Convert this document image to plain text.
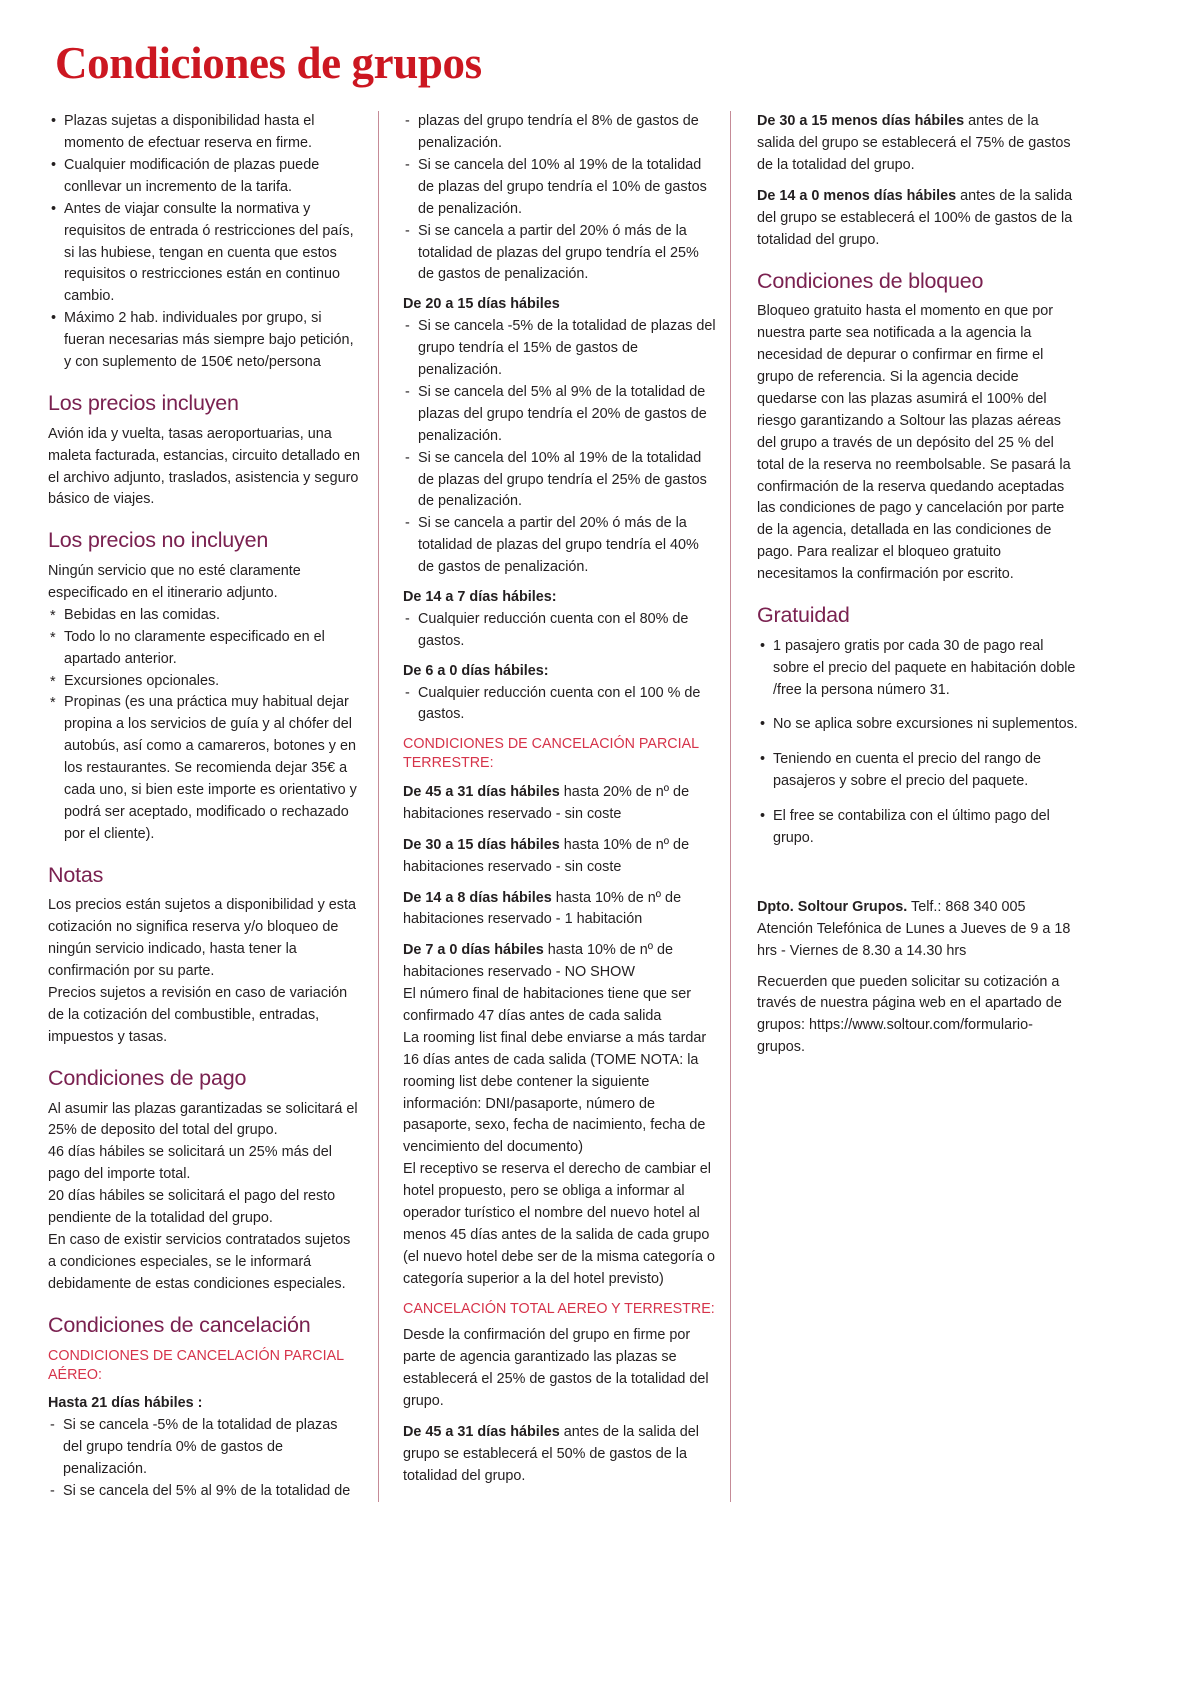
Condiciones de grupos
• Plazas sujetas a disponibilidad hasta el momento de efectuar reserva en firme.
• Cualquier modificación de plazas puede conllevar un incremento de la tarifa.
• Antes de viajar consulte la normativa y requisitos de entrada ó restricciones del país, si las hubiese, tengan en cuenta que estos requisitos o restricciones están en continuo cambio.
• Máximo 2 hab. individuales por grupo, si fueran necesarias más siempre bajo petición, y con suplemento de 150€ neto/persona
Los precios incluyen

Avión ida y vuelta, tasas aeroportuarias, una maleta facturada, estancias, circuito detallado en el archivo adjunto, traslados, asistencia y seguro básico de viajes.

Los precios no incluyen

Ningún servicio que no esté claramente especificado en el itinerario adjunto.

* Bebidas en las comidas.
* Todo lo no claramente especificado en el apartado anterior.
* Excursiones opcionales.
* Propinas (es una práctica muy habitual dejar propina a los servicios de guía y al chófer del autobús, así como a camareros, botones y en los restaurantes. Se recomienda dejar 35€ a cada uno, si bien este importe es orientativo y podrá ser aceptado, modificado o rechazado por el cliente).
Notas

Los precios están sujetos a disponibilidad y esta cotización no significa reserva y/o bloqueo de ningún servicio indicado, hasta tener la confirmación por su parte.

Precios sujetos a revisión en caso de variación de la cotización del combustible, entradas, impuestos y tasas.

Condiciones de pago

Al asumir las plazas garantizadas se solicitará el 25% de deposito del total del grupo.

46 días hábiles se solicitará un 25% más del pago del importe total.

20 días hábiles se solicitará el pago del resto pendiente de la totalidad del grupo.

En caso de existir servicios contratados sujetos a condiciones especiales, se le informará debidamente de estas condiciones especiales.

Condiciones de cancelación
CONDICIONES DE CANCELACIÓN PARCIAL AÉREO:
Hasta 21 días hábiles :
- Si se cancela -5% de la totalidad de plazas del grupo tendría 0% de gastos de penalización.
- Si se cancela del 5% al 9% de la totalidad de
- plazas del grupo tendría el 8% de gastos de penalización.
- Si se cancela del 10% al 19% de la totalidad de plazas del grupo tendría el 10% de gastos de penalización.
- Si se cancela a partir del 20% ó más de la totalidad de plazas del grupo tendría el 25% de gastos de penalización.
De 20 a 15 días hábiles
- Si se cancela -5% de la totalidad de plazas del grupo tendría el 15% de gastos de penalización.
- Si se cancela del 5% al 9% de la totalidad de plazas del grupo tendría el 20% de gastos de penalización.
- Si se cancela del 10% al 19% de la totalidad de plazas del grupo tendría el 25% de gastos de penalización.
- Si se cancela a partir del 20% ó más de la totalidad de plazas del grupo tendría el 40% de gastos de penalización.
De 14 a 7 días hábiles:
- Cualquier reducción cuenta con el 80% de gastos.
De 6 a 0 días hábiles:
- Cualquier reducción cuenta con el 100 % de gastos.
CONDICIONES DE CANCELACIÓN PARCIAL TERRESTRE:

De 45 a 31 días hábiles hasta 20% de nº de habitaciones reservado - sin coste

De 30 a 15 días hábiles hasta 10% de nº de habitaciones reservado - sin coste

De 14 a 8 días hábiles hasta 10% de nº de habitaciones reservado - 1 habitación

De 7 a 0 días hábiles hasta 10% de nº de habitaciones reservado - NO SHOW

El número final de habitaciones tiene que ser confirmado 47 días antes de cada salida

La rooming list final debe enviarse a más tardar 16 días antes de cada salida (TOME NOTA: la rooming list debe contener la siguiente información: DNI/pasaporte, número de pasaporte, sexo, fecha de nacimiento, fecha de vencimiento del documento)

El receptivo se reserva el derecho de cambiar el hotel propuesto, pero se obliga a informar al operador turístico el nombre del nuevo hotel al menos 45 días antes de la salida de cada grupo (el nuevo hotel debe ser de la misma categoría o categoría superior a la del hotel previsto)

CANCELACIÓN TOTAL AEREO Y TERRESTRE:

Desde la confirmación del grupo en firme por parte de agencia garantizado las plazas se establecerá el 25% de gastos de la totalidad del grupo.

De 45 a 31 días hábiles antes de la salida del grupo se establecerá el 50% de gastos de la totalidad del grupo.

De 30 a 15 menos días hábiles antes de la salida del grupo se establecerá el 75% de gastos de la totalidad del grupo.

De 14 a 0 menos días hábiles antes de la salida del grupo se establecerá el 100% de gastos de la totalidad del grupo.

Condiciones de bloqueo

Bloqueo gratuito hasta el momento en que por nuestra parte sea notificada a la agencia la necesidad de depurar o confirmar en firme el grupo de referencia. Si la agencia decide quedarse con las plazas asumirá el 100% del riesgo garantizando a Soltour las plazas aéreas del grupo a través de un depósito del 25 % del total de la reserva no reembolsable. Se pasará la confirmación de la reserva quedando aceptadas las condiciones de pago y cancelación por parte de la agencia, detallada en las condiciones de pago. Para realizar el bloqueo gratuito necesitamos la confirmación por escrito.

Gratuidad
• 1 pasajero gratis por cada 30 de pago real sobre el precio del paquete en habitación doble /free la persona número 31.
• No se aplica sobre excursiones ni suplementos.
• Teniendo en cuenta el precio del rango de pasajeros y sobre el precio del paquete.
• El free se contabiliza con el último pago del grupo.

Dpto. Soltour Grupos. Telf.: 868 340 005

Atención Telefónica de Lunes a Jueves de 9 a 18 hrs - Viernes de 8.30 a 14.30 hrs

Recuerden que pueden solicitar su cotización a través de nuestra página web en el apartado de grupos: https://www.soltour.com/formulario-grupos.
